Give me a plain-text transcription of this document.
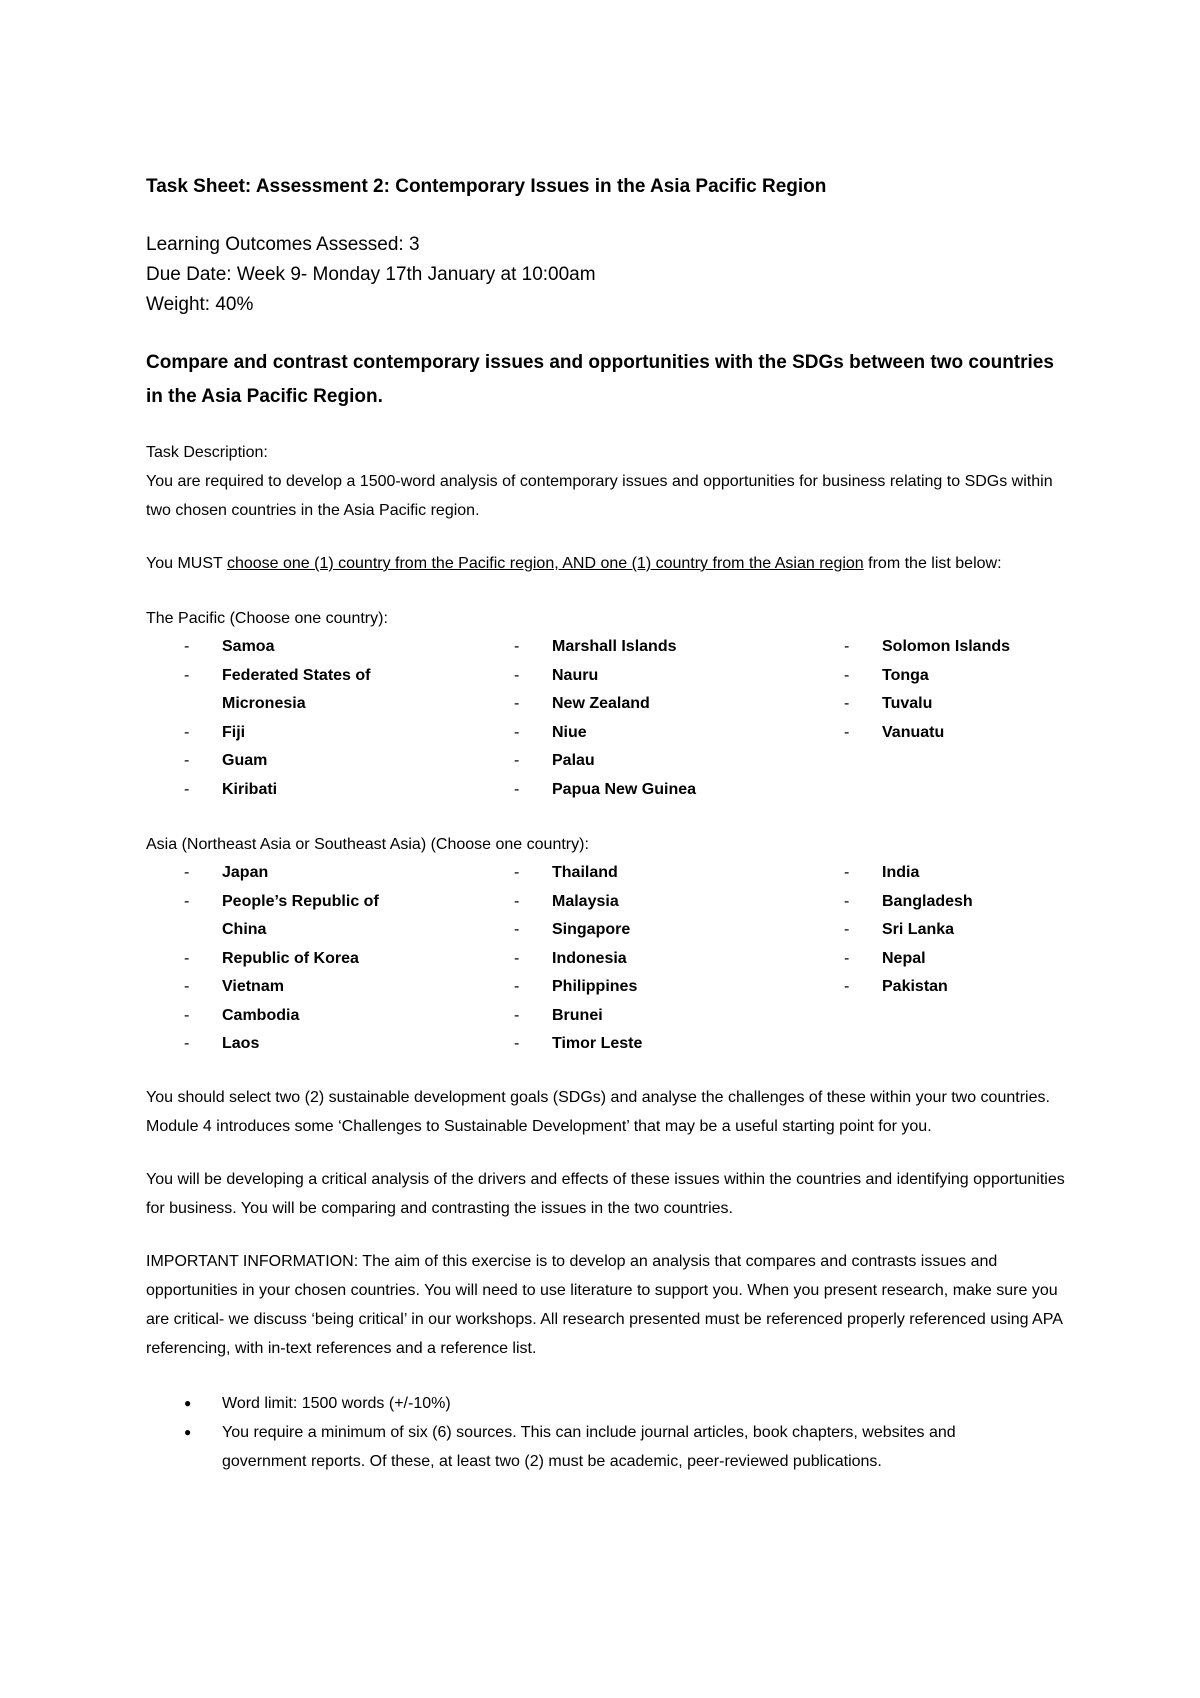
Task Sheet: Assessment 2: Contemporary Issues in the Asia Pacific Region
Learning Outcomes Assessed: 3
Due Date: Week 9- Monday 17th January at 10:00am
Weight: 40%
Compare and contrast contemporary issues and opportunities with the SDGs between two countries in the Asia Pacific Region.
Task Description:
You are required to develop a 1500-word analysis of contemporary issues and opportunities for business relating to SDGs within two chosen countries in the Asia Pacific region.
You MUST choose one (1) country from the Pacific region, AND one (1) country from the Asian region from the list below:
The Pacific (Choose one country):
-	Samoa
-	Federated States of Micronesia
-	Fiji
-	Guam
-	Kiribati
-	Marshall Islands
-	Nauru
-	New Zealand
-	Niue
-	Palau
-	Papua New Guinea
-	Solomon Islands
-	Tonga
-	Tuvalu
-	Vanuatu
Asia (Northeast Asia or Southeast Asia) (Choose one country):
-	Japan
-	People’s Republic of China
-	Republic of Korea
-	Vietnam
-	Cambodia
-	Laos
-	Thailand
-	Malaysia
-	Singapore
-	Indonesia
-	Philippines
-	Brunei
-	Timor Leste
-	India
-	Bangladesh
-	Sri Lanka
-	Nepal
-	Pakistan
You should select two (2) sustainable development goals (SDGs) and analyse the challenges of these within your two countries. Module 4 introduces some ‘Challenges to Sustainable Development’ that may be a useful starting point for you.
You will be developing a critical analysis of the drivers and effects of these issues within the countries and identifying opportunities for business. You will be comparing and contrasting the issues in the two countries.
IMPORTANT INFORMATION: The aim of this exercise is to develop an analysis that compares and contrasts issues and opportunities in your chosen countries. You will need to use literature to support you. When you present research, make sure you are critical- we discuss ‘being critical’ in our workshops. All research presented must be referenced properly referenced using APA referencing, with in-text references and a reference list.
●	Word limit: 1500 words (+/-10%)
●	You require a minimum of six (6) sources. This can include journal articles, book chapters, websites and government reports. Of these, at least two (2) must be academic, peer-reviewed publications.
